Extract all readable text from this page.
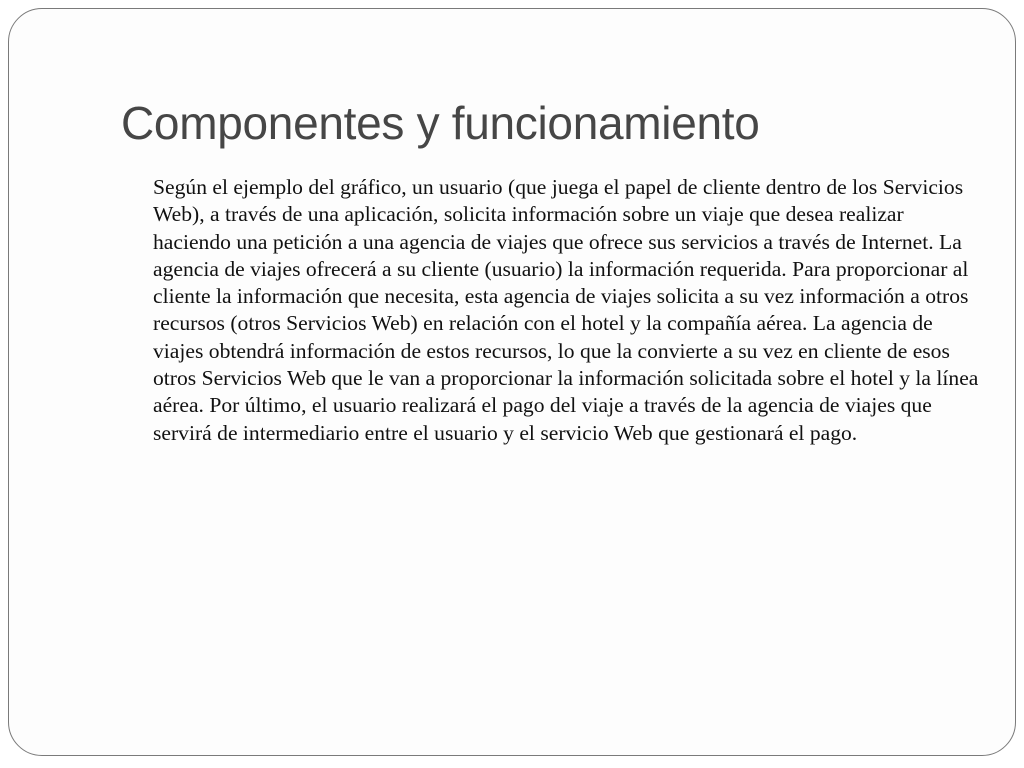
Componentes y funcionamiento

Según el ejemplo del gráfico, un usuario (que juega el papel de cliente dentro de los Servicios Web), a través de una aplicación, solicita información sobre un viaje que desea realizar haciendo una petición a una agencia de viajes que ofrece sus servicios a través de Internet. La agencia de viajes ofrecerá a su cliente (usuario) la información requerida. Para proporcionar al cliente la información que necesita, esta agencia de viajes solicita a su vez información a otros recursos (otros Servicios Web) en relación con el hotel y la compañía aérea. La agencia de viajes obtendrá información de estos recursos, lo que la convierte a su vez en cliente de esos otros Servicios Web que le van a proporcionar la información solicitada sobre el hotel y la línea aérea. Por último, el usuario realizará el pago del viaje a través de la agencia de viajes que servirá de intermediario entre el usuario y el servicio Web que gestionará el pago.
